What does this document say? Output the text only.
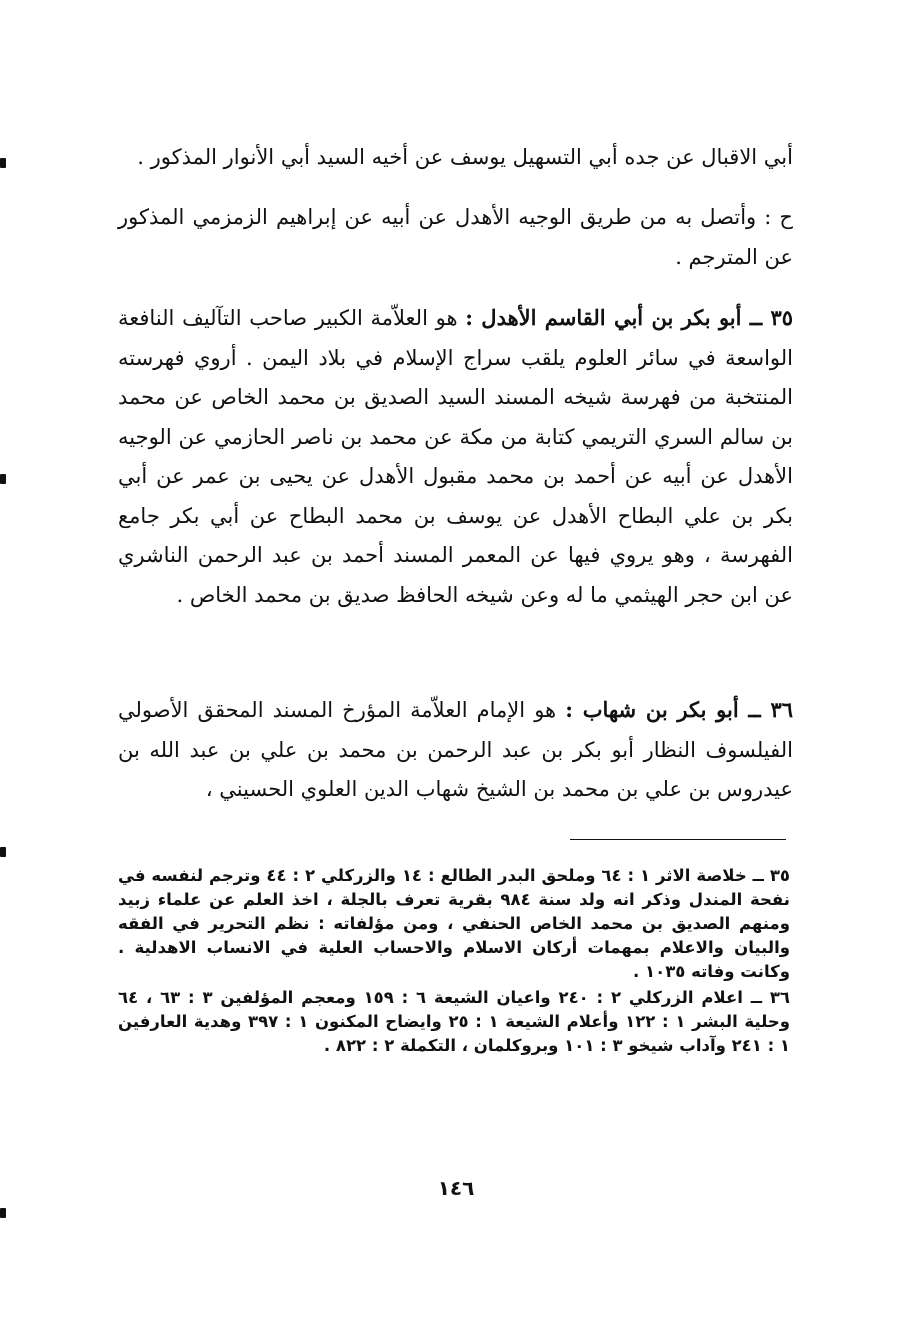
أبي الاقبال عن جده أبي التسهيل يوسف عن أخيه السيد أبي الأنوار المذكور .
ح : وأتصل به من طريق الوجيه الأهدل عن أبيه عن إبراهيم الزمزمي المذكور عن المترجم .
٣٥ ــ أبو بكر بن أبي القاسم الأهدل : هو العلاّمة الكبير صاحب التآليف النافعة الواسعة في سائر العلوم يلقب سراج الإسلام في بلاد اليمن . أروي فهرسته المنتخبة من فهرسة شيخه المسند السيد الصديق بن محمد الخاص عن محمد بن سالم السري التريمي كتابة من مكة عن محمد بن ناصر الحازمي عن الوجيه الأهدل عن أبيه عن أحمد بن محمد مقبول الأهدل عن يحيى بن عمر عن أبي بكر بن علي البطاح الأهدل عن يوسف بن محمد البطاح عن أبي بكر جامع الفهرسة ، وهو يروي فيها عن المعمر المسند أحمد بن عبد الرحمن الناشري عن ابن حجر الهيثمي ما له وعن شيخه الحافظ صديق بن محمد الخاص .
٣٦ ــ أبو بكر بن شهاب : هو الإمام العلاّمة المؤرخ المسند المحقق الأصولي الفيلسوف النظار أبو بكر بن عبد الرحمن بن محمد بن علي بن عبد الله بن عيدروس بن علي بن محمد بن الشيخ شهاب الدين العلوي الحسيني ،

٣٥ ــ خلاصة الاثر ١ : ٦٤ وملحق البدر الطالع : ١٤ والزركلي ٢ : ٤٤ وترجم لنفسه في نفحة المندل وذكر انه ولد سنة ٩٨٤ بقرية تعرف بالجلة ، اخذ العلم عن علماء زبيد ومنهم الصديق بن محمد الخاص الحنفي ، ومن مؤلفاته : نظم التحرير في الفقه والبيان والاعلام بمهمات أركان الاسلام والاحساب العلية في الانساب الاهدلية . وكانت وفاته ١٠٣٥ .

٣٦ ــ اعلام الزركلي ٢ : ٢٤٠ واعيان الشيعة ٦ : ١٥٩ ومعجم المؤلفين ٣ : ٦٣ ، ٦٤ وحلية البشر ١ : ١٢٢ وأعلام الشيعة ١ : ٢٥ وايضاح المكنون ١ : ٣٩٧ وهدية العارفين ١ : ٢٤١ وآداب شيخو ٣ : ١٠١ وبروكلمان ، التكملة ٢ : ٨٢٢ .

١٤٦
